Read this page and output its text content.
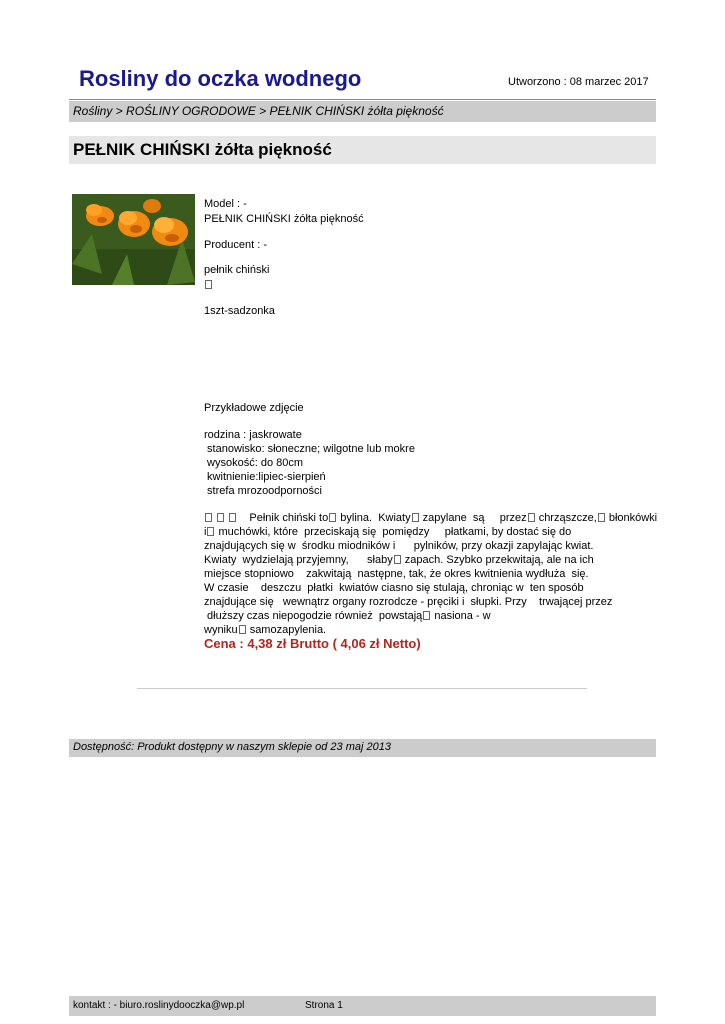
Rosliny do oczka wodnego	Utworzono : 08 marzec 2017
Rośliny > ROŚLINY OGRODOWE > PEŁNIK CHIŃSKI żółta piękność
PEŁNIK CHIŃSKI żółta piękność
Model : -
PEŁNIK CHIŃSKI żółta piękność
Producent : -
pełnik chiński
1szt-sadzonka
Przykładowe zdjęcie
rodzina : jaskrowate
stanowisko: słoneczne; wilgotne lub mokre
wysokość: do 80cm
kwitnienie:lipiec-sierpień
strefa mrozoodporności
Pełnik chiński to bylina.  Kwiaty zapylane  są     przez chrząszcze, błonkówki
i muchówki, które  przeciskają się  pomiędzy     płatkami, by dostać się do
znajdujących się w  środku miodników i      pylników, przy okazji zapylając kwiat.
Kwiaty  wydzielają przyjemny,      słaby zapach. Szybko przekwitają, ale na ich
miejsce stopniowo    zakwitają  następne, tak, że okres kwitnienia wydłuża  się.
W czasie    deszczu  płatki  kwiatów ciasno się stulają, chroniąc w  ten sposób
znajdujące się   wewnątrz organy rozrodcze - pręciki i  słupki. Przy    trwającej przez
dłuższy czas niepogodzie również  powstają nasiona - w
wyniku samozapylenia.
Cena : 4,38 zł Brutto ( 4,06 zł Netto)
Dostępność: Produkt dostępny w naszym sklepie od 23 maj 2013
kontakt : - biuro.roslinydooczka@wp.pl	Strona 1
